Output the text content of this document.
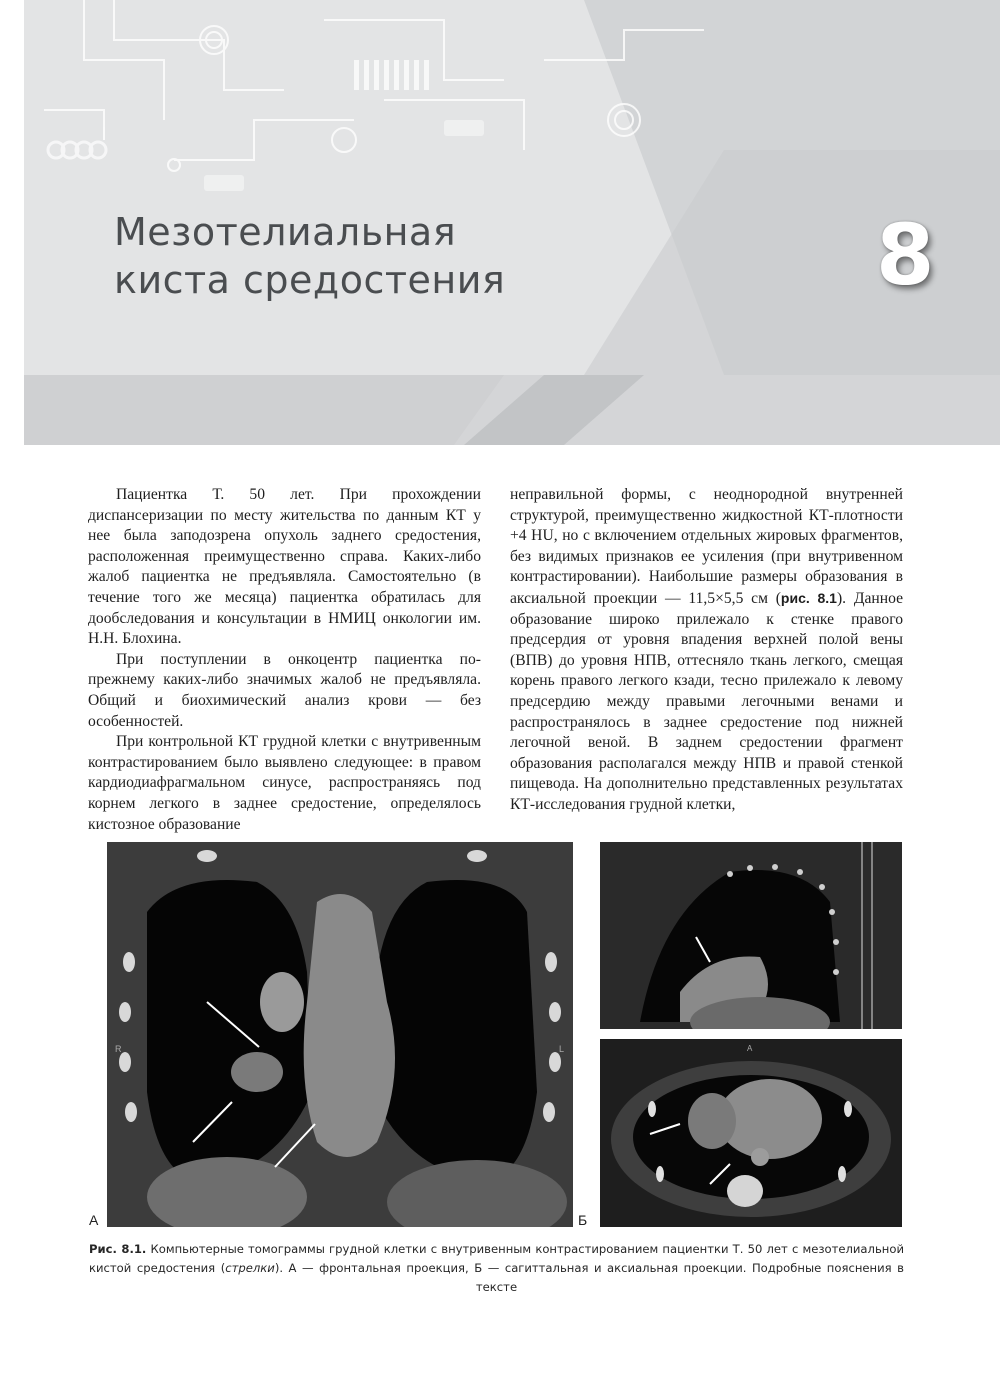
Мезотелиальная
киста средостения	8

Пациентка Т. 50 лет. При прохождении диспансеризации по месту жительства по данным КТ у нее была заподозрена опухоль заднего средостения, расположенная преимущественно справа. Каких-либо жалоб пациентка не предъявляла. Самостоятельно (в течение того же месяца) пациентка обратилась для дообследования и консультации в НМИЦ онкологии им. Н.Н. Блохина.

При поступлении в онкоцентр пациентка по-прежнему каких-либо значимых жалоб не предъявляла. Общий и биохимический анализ крови — без особенностей.

При контрольной КТ грудной клетки с внутривенным контрастированием было выявлено следующее: в правом кардиодиафрагмальном синусе, распространяясь под корнем легкого в заднее средостение, определялось кистозное образование

неправильной формы, с неоднородной внутренней структурой, преимущественно жидкостной КТ-плотности +4 HU, но с включением отдельных жировых фрагментов, без видимых признаков ее усиления (при внутривенном контрастировании). Наибольшие размеры образования в аксиальной проекции — 11,5×5,5 см (рис. 8.1). Данное образование широко прилежало к стенке правого предсердия от уровня впадения верхней полой вены (ВПВ) до уровня НПВ, оттесняло ткань легкого, смещая корень правого легкого кзади, тесно прилежало к левому предсердию между правыми легочными венами и распространялось в заднее средостение под нижней легочной веной. В заднем средостении фрагмент образования располагался между НПВ и правой стенкой пищевода. На дополнительно представленных результатах КТ-исследования грудной клетки,

R	L	A
А	Б
Рис. 8.1. Компьютерные томограммы грудной клетки с внутривенным контрастированием пациентки Т. 50 лет с мезотелиальной кистой средостения (стрелки). А — фронтальная проекция, Б — сагиттальная и аксиальная проекции. Подробные пояснения в тексте
